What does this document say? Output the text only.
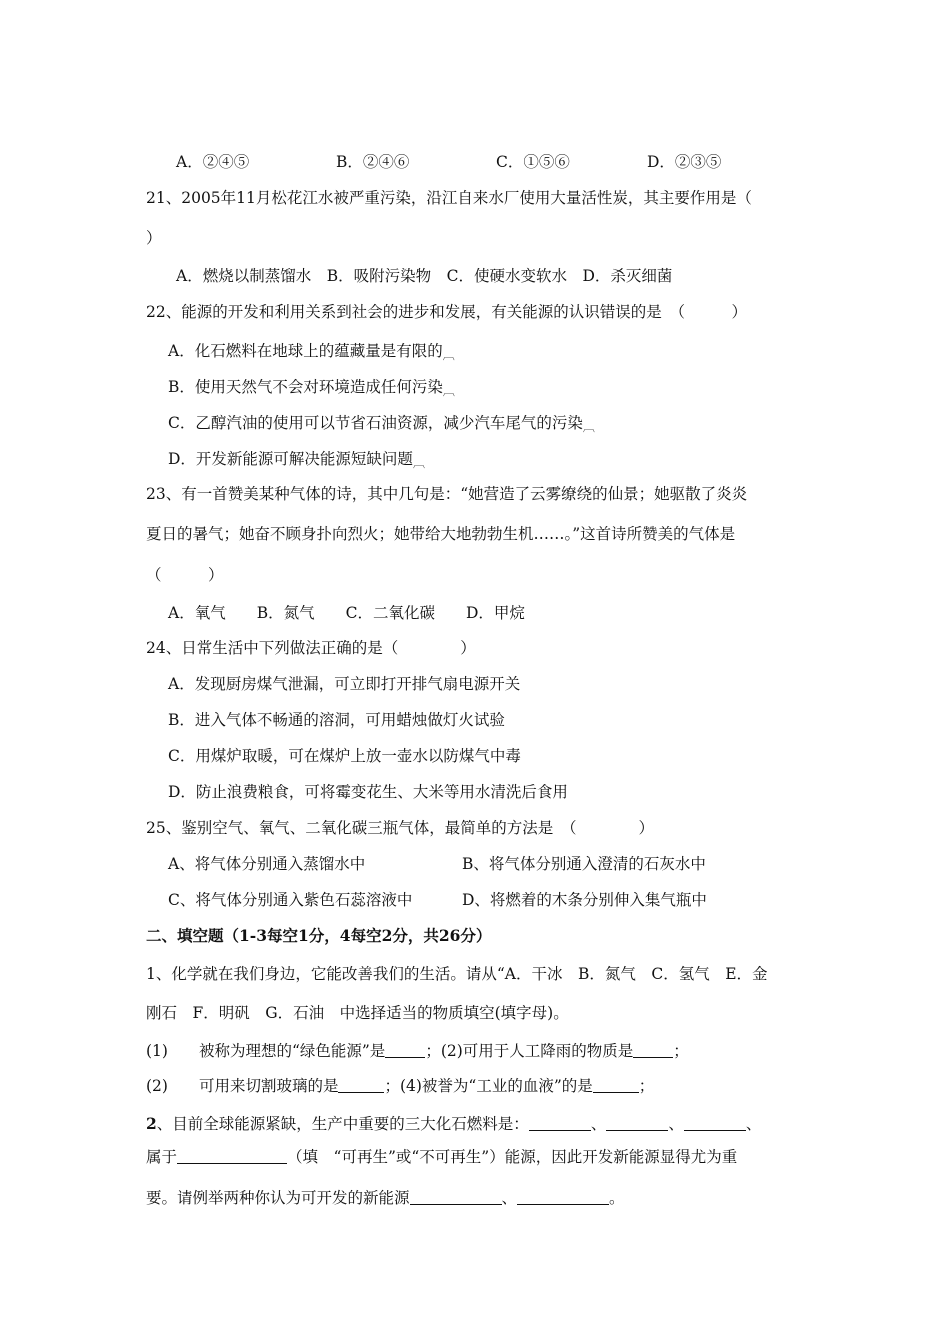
A．②④⑤	B．②④⑥	C．①⑤⑥	D．②③⑤
21、2005年11月松花江水被严重污染，沿江自来水厂使用大量活性炭，其主要作用是（
）
A．燃烧以制蒸馏水　B．吸附污染物　C．使硬水变软水　D．杀灭细菌
22、能源的开发和利用关系到社会的进步和发展，有关能源的认识错误的是　（　　　）
A．化石燃料在地球上的蕴藏量是有限的︹
B．使用天然气不会对环境造成任何污染︹
C．乙醇汽油的使用可以节省石油资源，减少汽车尾气的污染︹
D．开发新能源可解决能源短缺问题︹
23、有一首赞美某种气体的诗，其中几句是：“她营造了云雾缭绕的仙景；她驱散了炎炎
夏日的暑气；她奋不顾身扑向烈火；她带给大地勃勃生机……。”这首诗所赞美的气体是
（　　　）
A．氧气　　B．氮气　　C．二氧化碳　　D．甲烷
24、日常生活中下列做法正确的是（　　　　）
A．发现厨房煤气泄漏，可立即打开排气扇电源开关
B．进入气体不畅通的溶洞，可用蜡烛做灯火试验
C．用煤炉取暖，可在煤炉上放一壶水以防煤气中毒
D．防止浪费粮食，可将霉变花生、大米等用水清洗后食用
25、鉴别空气、氧气、二氧化碳三瓶气体，最简单的方法是　（　　　　）
A、将气体分别通入蒸馏水中	B、将气体分别通入澄清的石灰水中
C、将气体分别通入紫色石蕊溶液中	D、将燃着的木条分别伸入集气瓶中
二、填空题（1-3每空1分，4每空2分，共26分）
1、化学就在我们身边，它能改善我们的生活。请从“A．干冰　B．氮气　C．氢气　E．金
刚石　F．明矾　G．石油　中选择适当的物质填空(填字母)。
(1)　　被称为理想的“绿色能源”是	；(2)可用于人工降雨的物质是	；
(2)　　可用来切割玻璃的是	；(4)被誉为“工业的血液”的是	；
2、目前全球能源紧缺，生产中重要的三大化石燃料是：	、	、	、
属于	（填　“可再生”或“不可再生”）能源，因此开发新能源显得尤为重
要。请例举两种你认为可开发的新能源	、	。
